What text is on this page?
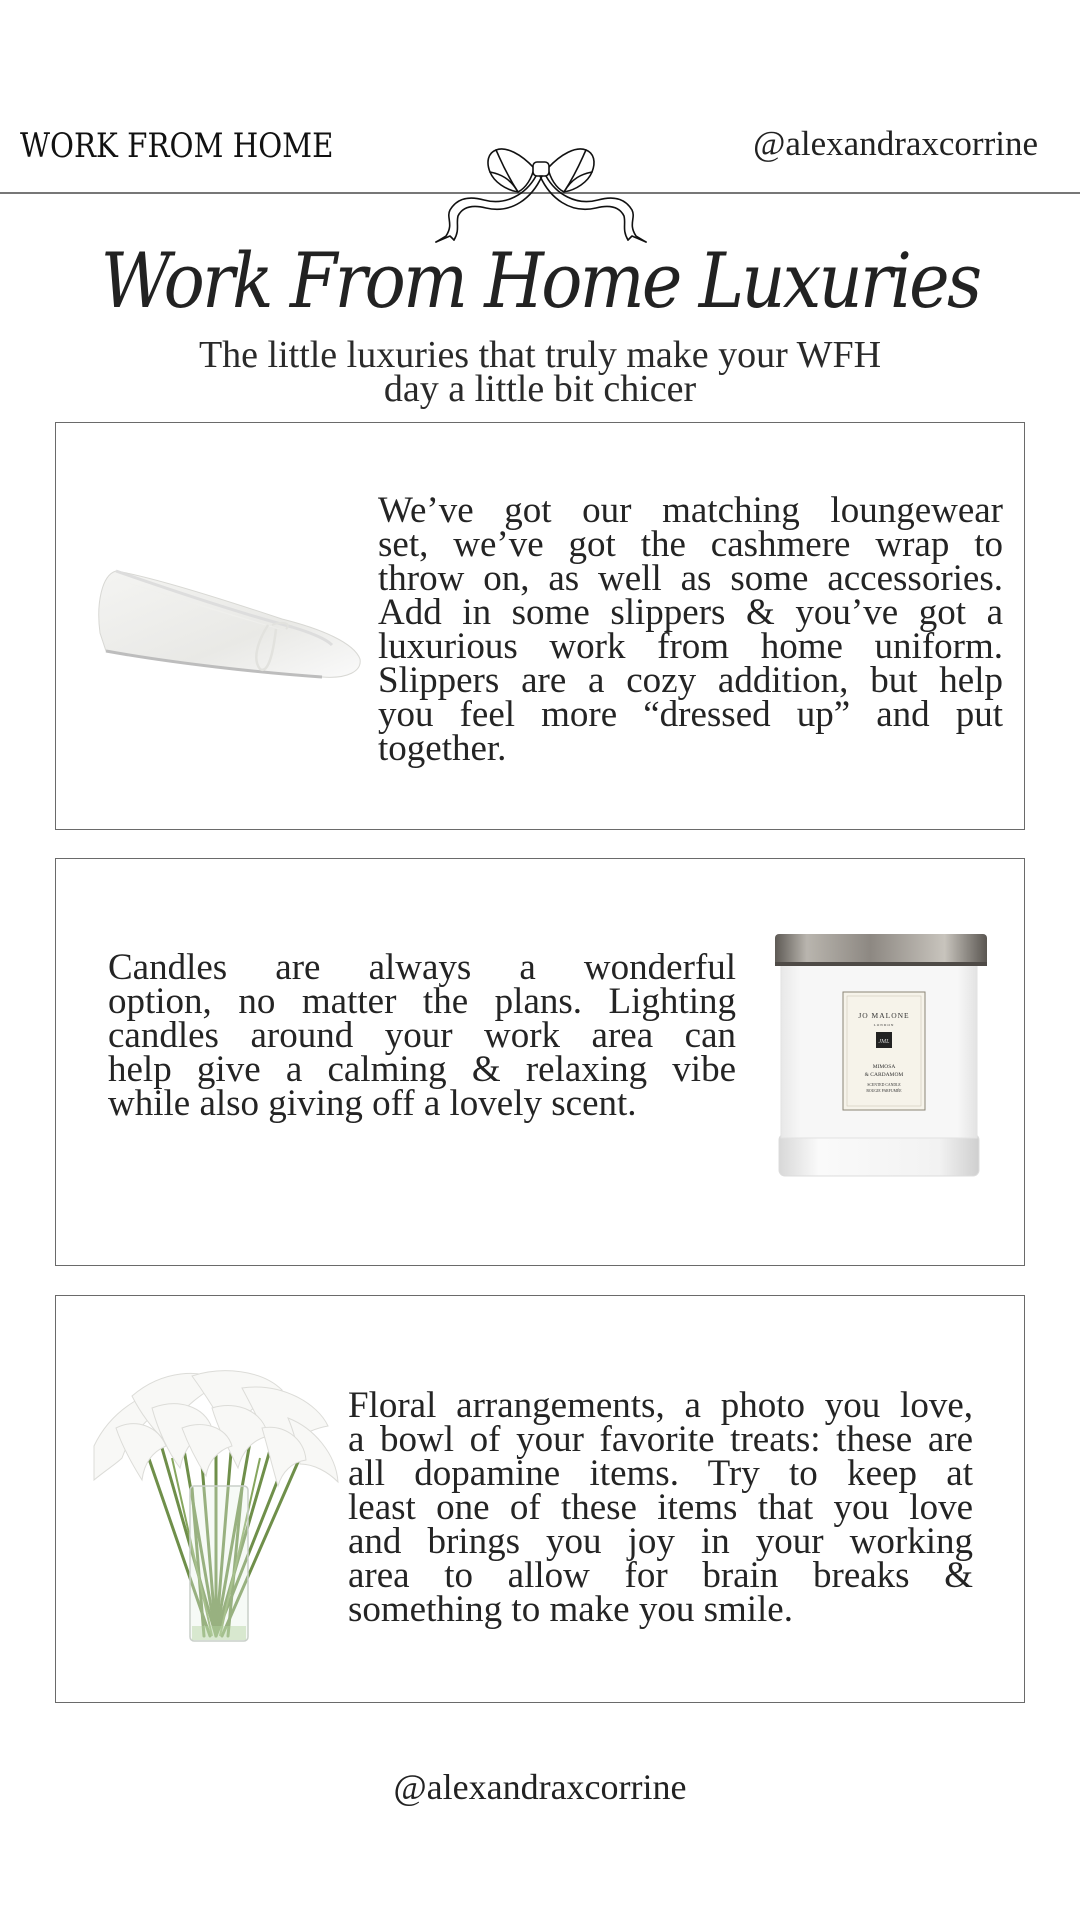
WORK FROM HOME	@alexandraxcorrine
Work From Home Luxuries
The little luxuries that truly make your WFH
day a little bit chicer
We’ve got our matching loungewear
set, we’ve got the cashmere wrap to
throw on, as well as some accessories.
Add in some slippers & you’ve got a
luxurious work from home uniform.
Slippers are a cozy addition, but help
you feel more “dressed up” and put
together.
Candles are always a wonderful
option, no matter the plans. Lighting
candles around your work area can
help give a calming & relaxing vibe
while also giving off a lovely scent.
JO MALONE
LONDON
JML
MIMOSA
& CARDAMOM
SCENTED CANDLE
BOUGIE PARFUMÉE
Floral arrangements, a photo you love,
a bowl of your favorite treats: these are
all dopamine items. Try to keep at
least one of these items that you love
and brings you joy in your working
area to allow for brain breaks &
something to make you smile.
@alexandraxcorrine
